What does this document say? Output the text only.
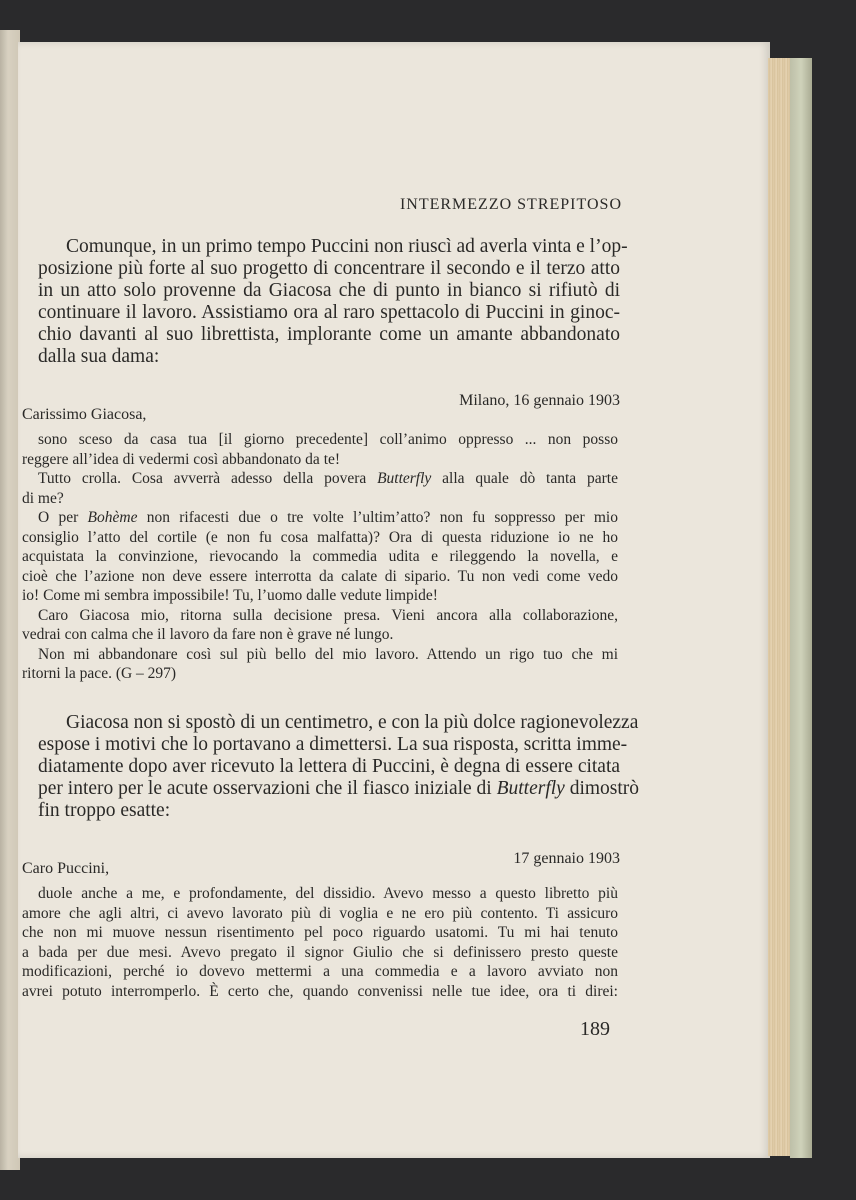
INTERMEZZO STREPITOSO

Comunque, in un primo tempo Puccini non riuscì ad averla vinta e l’op-
posizione più forte al suo progetto di concentrare il secondo e il terzo atto
in un atto solo provenne da Giacosa che di punto in bianco si rifiutò di
continuare il lavoro. Assistiamo ora al raro spettacolo di Puccini in ginoc-
chio davanti al suo librettista, implorante come un amante abbandonato
dalla sua dama:

Milano, 16 gennaio 1903
Carissimo Giacosa,
sono sceso da casa tua [il giorno precedente] coll’animo oppresso ... non posso
reggere all’idea di vedermi così abbandonato da te!
Tutto crolla. Cosa avverrà adesso della povera Butterfly alla quale dò tanta parte
di me?
O per Bohème non rifacesti due o tre volte l’ultim’atto? non fu soppresso per mio
consiglio l’atto del cortile (e non fu cosa malfatta)? Ora di questa riduzione io ne ho
acquistata la convinzione, rievocando la commedia udita e rileggendo la novella, e
cioè che l’azione non deve essere interrotta da calate di sipario. Tu non vedi come vedo
io! Come mi sembra impossibile! Tu, l’uomo dalle vedute limpide!
Caro Giacosa mio, ritorna sulla decisione presa. Vieni ancora alla collaborazione,
vedrai con calma che il lavoro da fare non è grave né lungo.
Non mi abbandonare così sul più bello del mio lavoro. Attendo un rigo tuo che mi
ritorni la pace. (G – 297)

Giacosa non si spostò di un centimetro, e con la più dolce ragionevolezza
espose i motivi che lo portavano a dimettersi. La sua risposta, scritta imme-
diatamente dopo aver ricevuto la lettera di Puccini, è degna di essere citata
per intero per le acute osservazioni che il fiasco iniziale di Butterfly dimostrò
fin troppo esatte:

17 gennaio 1903
Caro Puccini,
duole anche a me, e profondamente, del dissidio. Avevo messo a questo libretto più
amore che agli altri, ci avevo lavorato più di voglia e ne ero più contento. Ti assicuro
che non mi muove nessun risentimento pel poco riguardo usatomi. Tu mi hai tenuto
a bada per due mesi. Avevo pregato il signor Giulio che si definissero presto queste
modificazioni, perché io dovevo mettermi a una commedia e a lavoro avviato non
avrei potuto interromperlo. È certo che, quando convenissi nelle tue idee, ora ti direi:
189
